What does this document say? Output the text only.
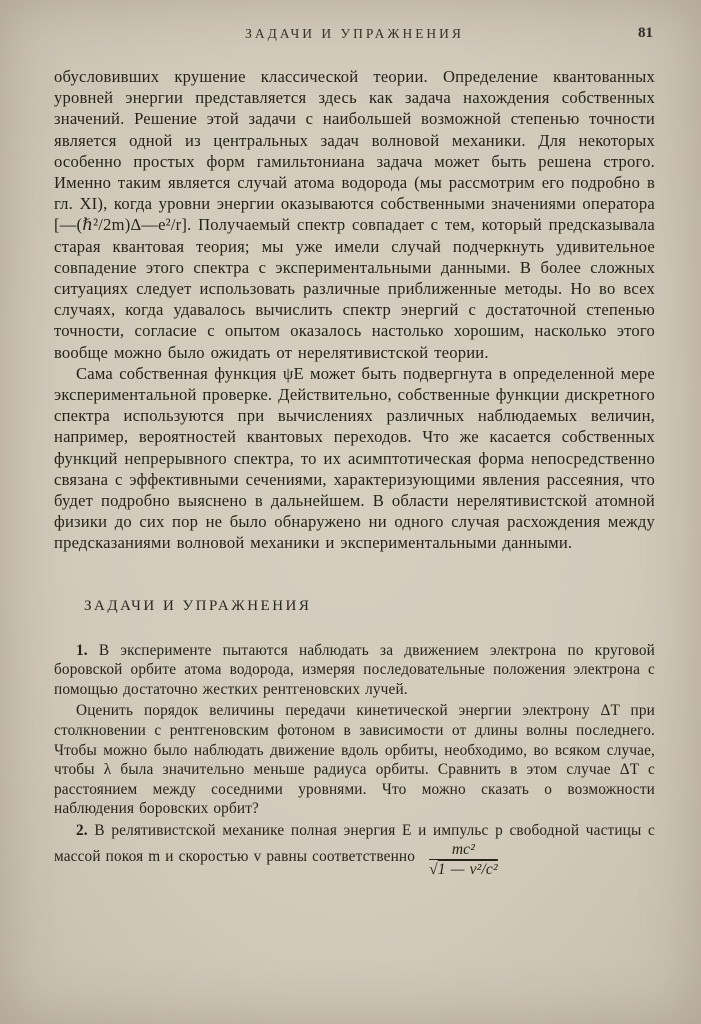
ЗАДАЧИ И УПРАЖНЕНИЯ	81

обусловивших крушение классической теории. Определение квантованных уровней энергии представляется здесь как задача нахождения собственных значений. Решение этой задачи с наибольшей возможной степенью точности является одной из центральных задач волновой механики. Для некоторых особенно простых форм гамильтониана задача может быть решена строго. Именно таким является случай атома водорода (мы рассмотрим его подробно в гл. XI), когда уровни энергии оказываются собственными значениями оператора [—(ℏ²/2m)Δ—e²/r]. Получаемый спектр совпадает с тем, который предсказывала старая квантовая теория; мы уже имели случай подчеркнуть удивительное совпадение этого спектра с экспериментальными данными. В более сложных ситуациях следует использовать различные приближенные методы. Но во всех случаях, когда удавалось вычислить спектр энергий с достаточной степенью точности, согласие с опытом оказалось настолько хорошим, насколько этого вообще можно было ожидать от нерелятивистской теории.

Сама собственная функция ψE может быть подвергнута в определенной мере экспериментальной проверке. Действительно, собственные функции дискретного спектра используются при вычислениях различных наблюдаемых величин, например, вероятностей квантовых переходов. Что же касается собственных функций непрерывного спектра, то их асимптотическая форма непосредственно связана с эффективными сечениями, характеризующими явления рассеяния, что будет подробно выяснено в дальнейшем. В области нерелятивистской атомной физики до сих пор не было обнаружено ни одного случая расхождения между предсказаниями волновой механики и экспериментальными данными.

ЗАДАЧИ И УПРАЖНЕНИЯ

1. В эксперименте пытаются наблюдать за движением электрона по круговой боровской орбите атома водорода, измеряя последовательные положения электрона с помощью достаточно жестких рентгеновских лучей.

Оценить порядок величины передачи кинетической энергии электрону ΔT при столкновении с рентгеновским фотоном в зависимости от длины волны последнего. Чтобы можно было наблюдать движение вдоль орбиты, необходимо, во всяком случае, чтобы λ была значительно меньше радиуса орбиты. Сравнить в этом случае ΔT с расстоянием между соседними уровнями. Что можно сказать о возможности наблюдения боровских орбит?

2. В релятивистской механике полная энергия E и импульс p свободной частицы с массой покоя m и скоростью v равны соответственно $\frac{\text{mc²}}{\text{√1 — v²/c²}}$
